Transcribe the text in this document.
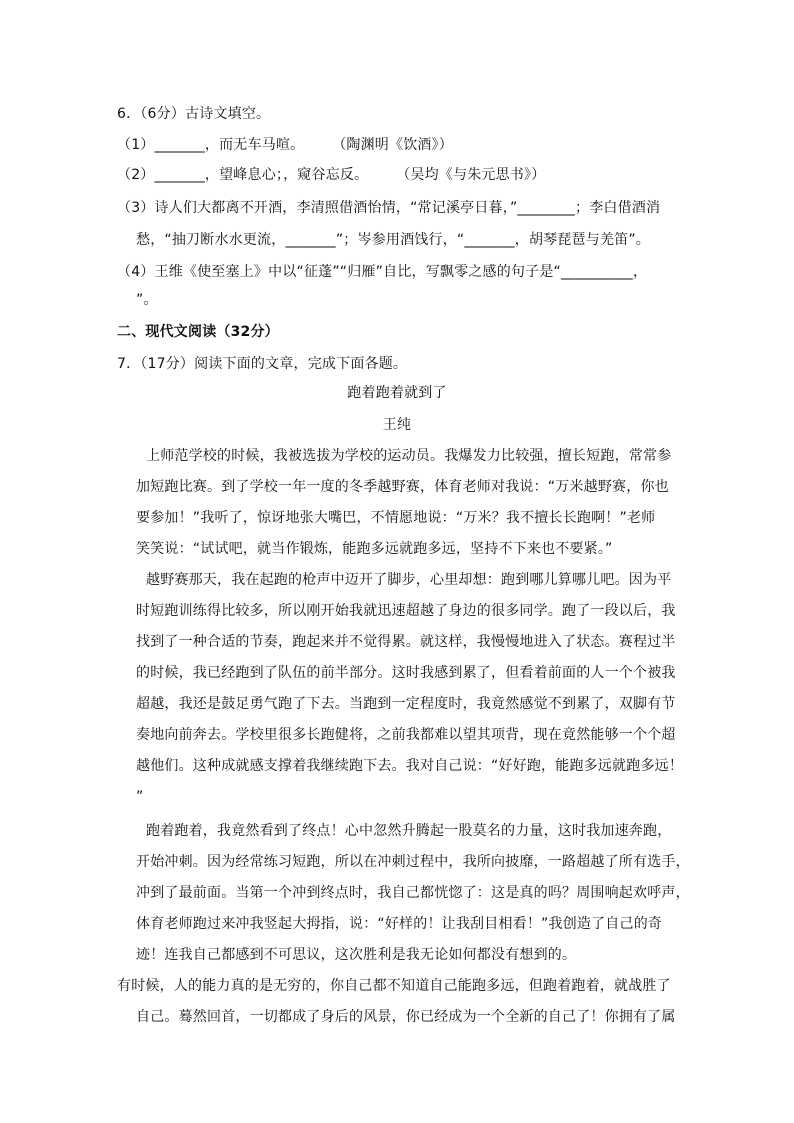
6．（6分）古诗文填空。
（1）_______，而无车马喧。      （陶渊明《饮酒》）
（2）_______，望峰息心；，窥谷忘反。      （吴均《与朱元思书》）
（3）诗人们大都离不开酒，李清照借酒怡情，“常记溪亭日暮，”________；李白借酒消
愁，“抽刀断水水更流，_______”；岑参用酒饯行，“_______，胡琴琵琶与羌笛”。
（4）王维《使至塞上》中以“征蓬”“归雁”自比，写飘零之感的句子是“__________，
”。
二、现代文阅读（32分）
7．（17分）阅读下面的文章，完成下面各题。
跑着跑着就到了
王纯
上师范学校的时候，我被选拔为学校的运动员。我爆发力比较强，擅长短跑，常常参
加短跑比赛。到了学校一年一度的冬季越野赛，体育老师对我说：“万米越野赛，你也
要参加！”我听了，惊讶地张大嘴巴，不情愿地说：“万米？我不擅长长跑啊！”老师
笑笑说：“试试吧，就当作锻炼，能跑多远就跑多远，坚持不下来也不要紧。”
越野赛那天，我在起跑的枪声中迈开了脚步，心里却想：跑到哪儿算哪儿吧。因为平
时短跑训练得比较多，所以刚开始我就迅速超越了身边的很多同学。跑了一段以后，我
找到了一种合适的节奏，跑起来并不觉得累。就这样，我慢慢地进入了状态。赛程过半
的时候，我已经跑到了队伍的前半部分。这时我感到累了，但看着前面的人一个个被我
超越，我还是鼓足勇气跑了下去。当跑到一定程度时，我竟然感觉不到累了，双脚有节
奏地向前奔去。学校里很多长跑健将，之前我都难以望其项背，现在竟然能够一个个超
越他们。这种成就感支撑着我继续跑下去。我对自己说：“好好跑，能跑多远就跑多远！
”
跑着跑着，我竟然看到了终点！心中忽然升腾起一股莫名的力量，这时我加速奔跑，
开始冲刺。因为经常练习短跑，所以在冲刺过程中，我所向披靡，一路超越了所有选手，
冲到了最前面。当第一个冲到终点时，我自己都恍惚了：这是真的吗？周围响起欢呼声，
体育老师跑过来冲我竖起大拇指，说：“好样的！让我刮目相看！”我创造了自己的奇
迹！连我自己都感到不可思议，这次胜利是我无论如何都没有想到的。
有时候，人的能力真的是无穷的，你自己都不知道自己能跑多远，但跑着跑着，就战胜了
自己。蓦然回首，一切都成了身后的风景，你已经成为一个全新的自己了！你拥有了属
